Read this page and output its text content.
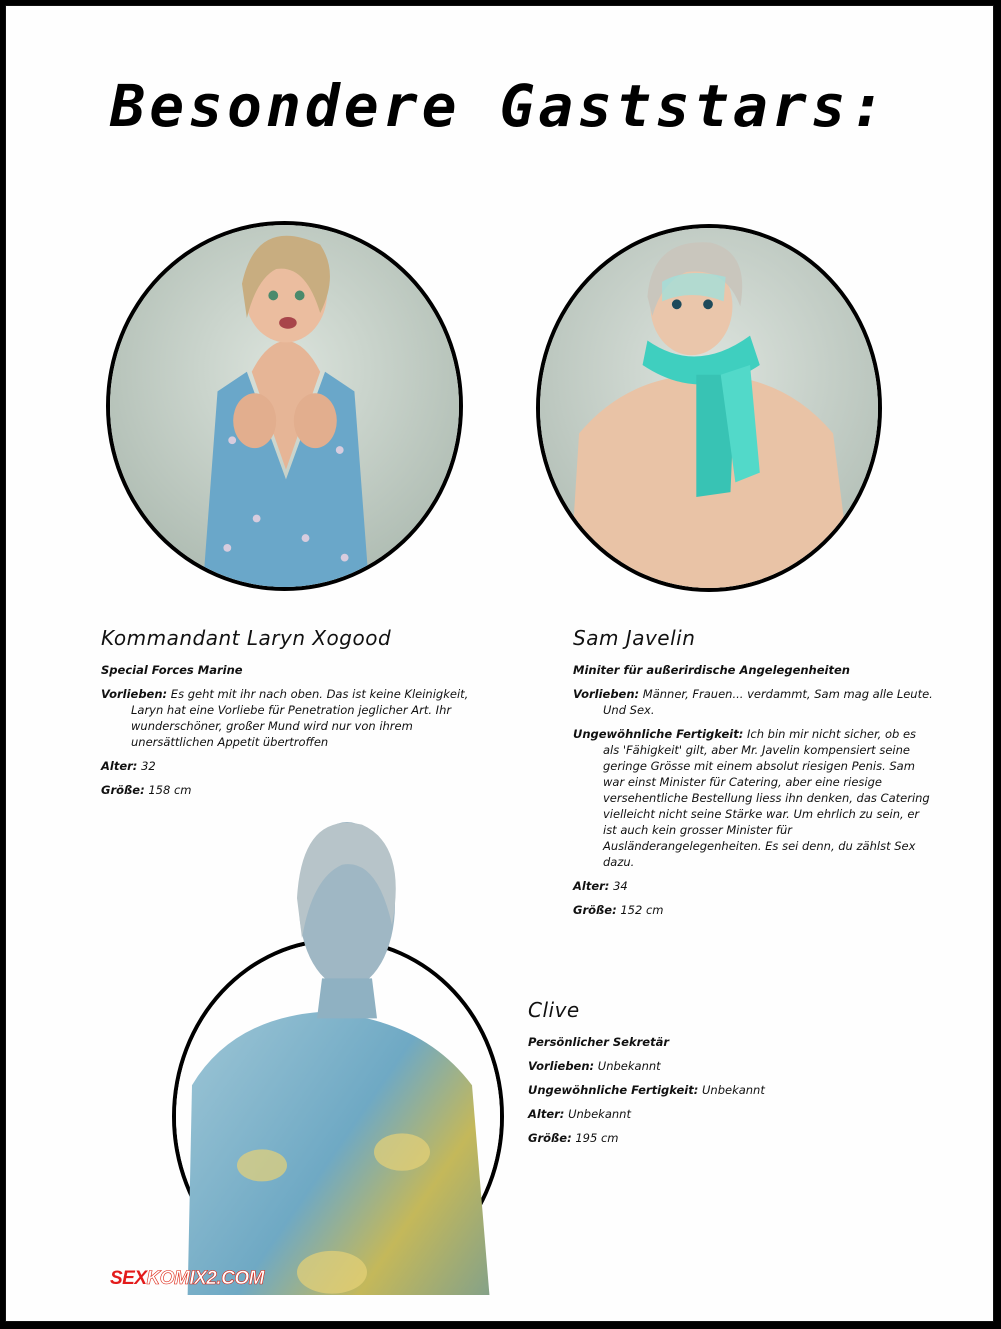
Besondere Gaststars:
Kommandant Laryn Xogood
Special Forces Marine
Vorlieben: Es geht mit ihr nach oben. Das ist keine Kleinigkeit, Laryn hat eine Vorliebe für Penetration jeglicher Art. Ihr wunderschöner, großer Mund wird nur von ihrem unersättlichen Appetit übertroffen
Alter: 32
Größe: 158 cm
Sam Javelin
Miniter für außerirdische Angelegenheiten
Vorlieben: Männer, Frauen... verdammt, Sam mag alle Leute. Und Sex.
Ungewöhnliche Fertigkeit: Ich bin mir nicht sicher, ob es als 'Fähigkeit' gilt, aber Mr. Javelin kompensiert seine geringe Grösse mit einem absolut riesigen Penis. Sam war einst Minister für Catering, aber eine riesige versehentliche Bestellung liess ihn denken, das Catering vielleicht nicht seine Stärke war. Um ehrlich zu sein, er ist auch kein grosser Minister für Ausländerangelegenheiten. Es sei denn, du zählst Sex dazu.
Alter: 34
Größe: 152 cm
Clive
Persönlicher Sekretär
Vorlieben: Unbekannt
Ungewöhnliche Fertigkeit: Unbekannt
Alter: Unbekannt
Größe: 195 cm
SEXKOMIX2.COM
